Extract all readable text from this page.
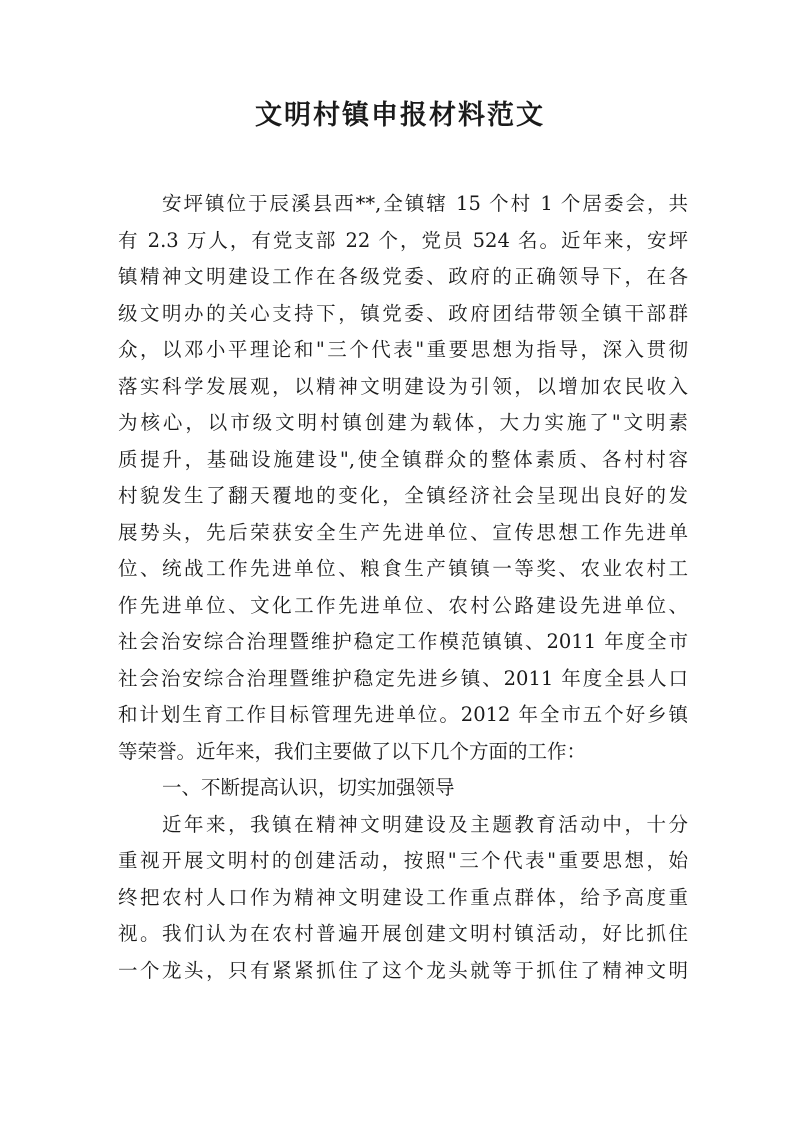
文明村镇申报材料范文
安坪镇位于辰溪县西**,全镇辖 15 个村 1 个居委会，共
有 2.3 万人，有党支部 22 个，党员 524 名。近年来，安坪
镇精神文明建设工作在各级党委、政府的正确领导下，在各
级文明办的关心支持下，镇党委、政府团结带领全镇干部群
众，以邓小平理论和"三个代表"重要思想为指导，深入贯彻
落实科学发展观，以精神文明建设为引领，以增加农民收入
为核心，以市级文明村镇创建为载体，大力实施了"文明素
质提升，基础设施建设",使全镇群众的整体素质、各村村容
村貌发生了翻天覆地的变化，全镇经济社会呈现出良好的发
展势头，先后荣获安全生产先进单位、宣传思想工作先进单
位、统战工作先进单位、粮食生产镇镇一等奖、农业农村工
作先进单位、文化工作先进单位、农村公路建设先进单位、
社会治安综合治理暨维护稳定工作模范镇镇、2011 年度全市
社会治安综合治理暨维护稳定先进乡镇、2011 年度全县人口
和计划生育工作目标管理先进单位。2012 年全市五个好乡镇
等荣誉。近年来，我们主要做了以下几个方面的工作：
一、不断提高认识，切实加强领导
近年来，我镇在精神文明建设及主题教育活动中，十分
重视开展文明村的创建活动，按照"三个代表"重要思想，始
终把农村人口作为精神文明建设工作重点群体，给予高度重
视。我们认为在农村普遍开展创建文明村镇活动，好比抓住
一个龙头，只有紧紧抓住了这个龙头就等于抓住了精神文明
